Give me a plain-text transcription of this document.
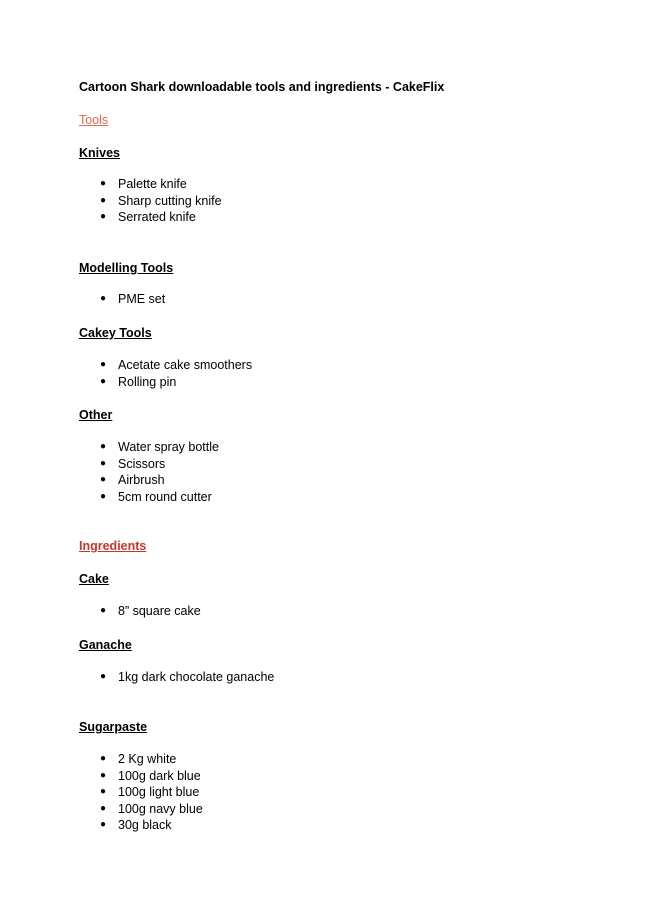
Cartoon Shark downloadable tools and ingredients - CakeFlix

Tools

Knives

● Palette knife
● Sharp cutting knife
● Serrated knife

Modelling Tools

● PME set

Cakey Tools

● Acetate cake smoothers
● Rolling pin

Other

● Water spray bottle
● Scissors
● Airbrush
● 5cm round cutter

Ingredients

Cake

● 8” square cake

Ganache

● 1kg dark chocolate ganache

Sugarpaste

● 2 Kg white
● 100g dark blue
● 100g light blue
● 100g navy blue
● 30g black
